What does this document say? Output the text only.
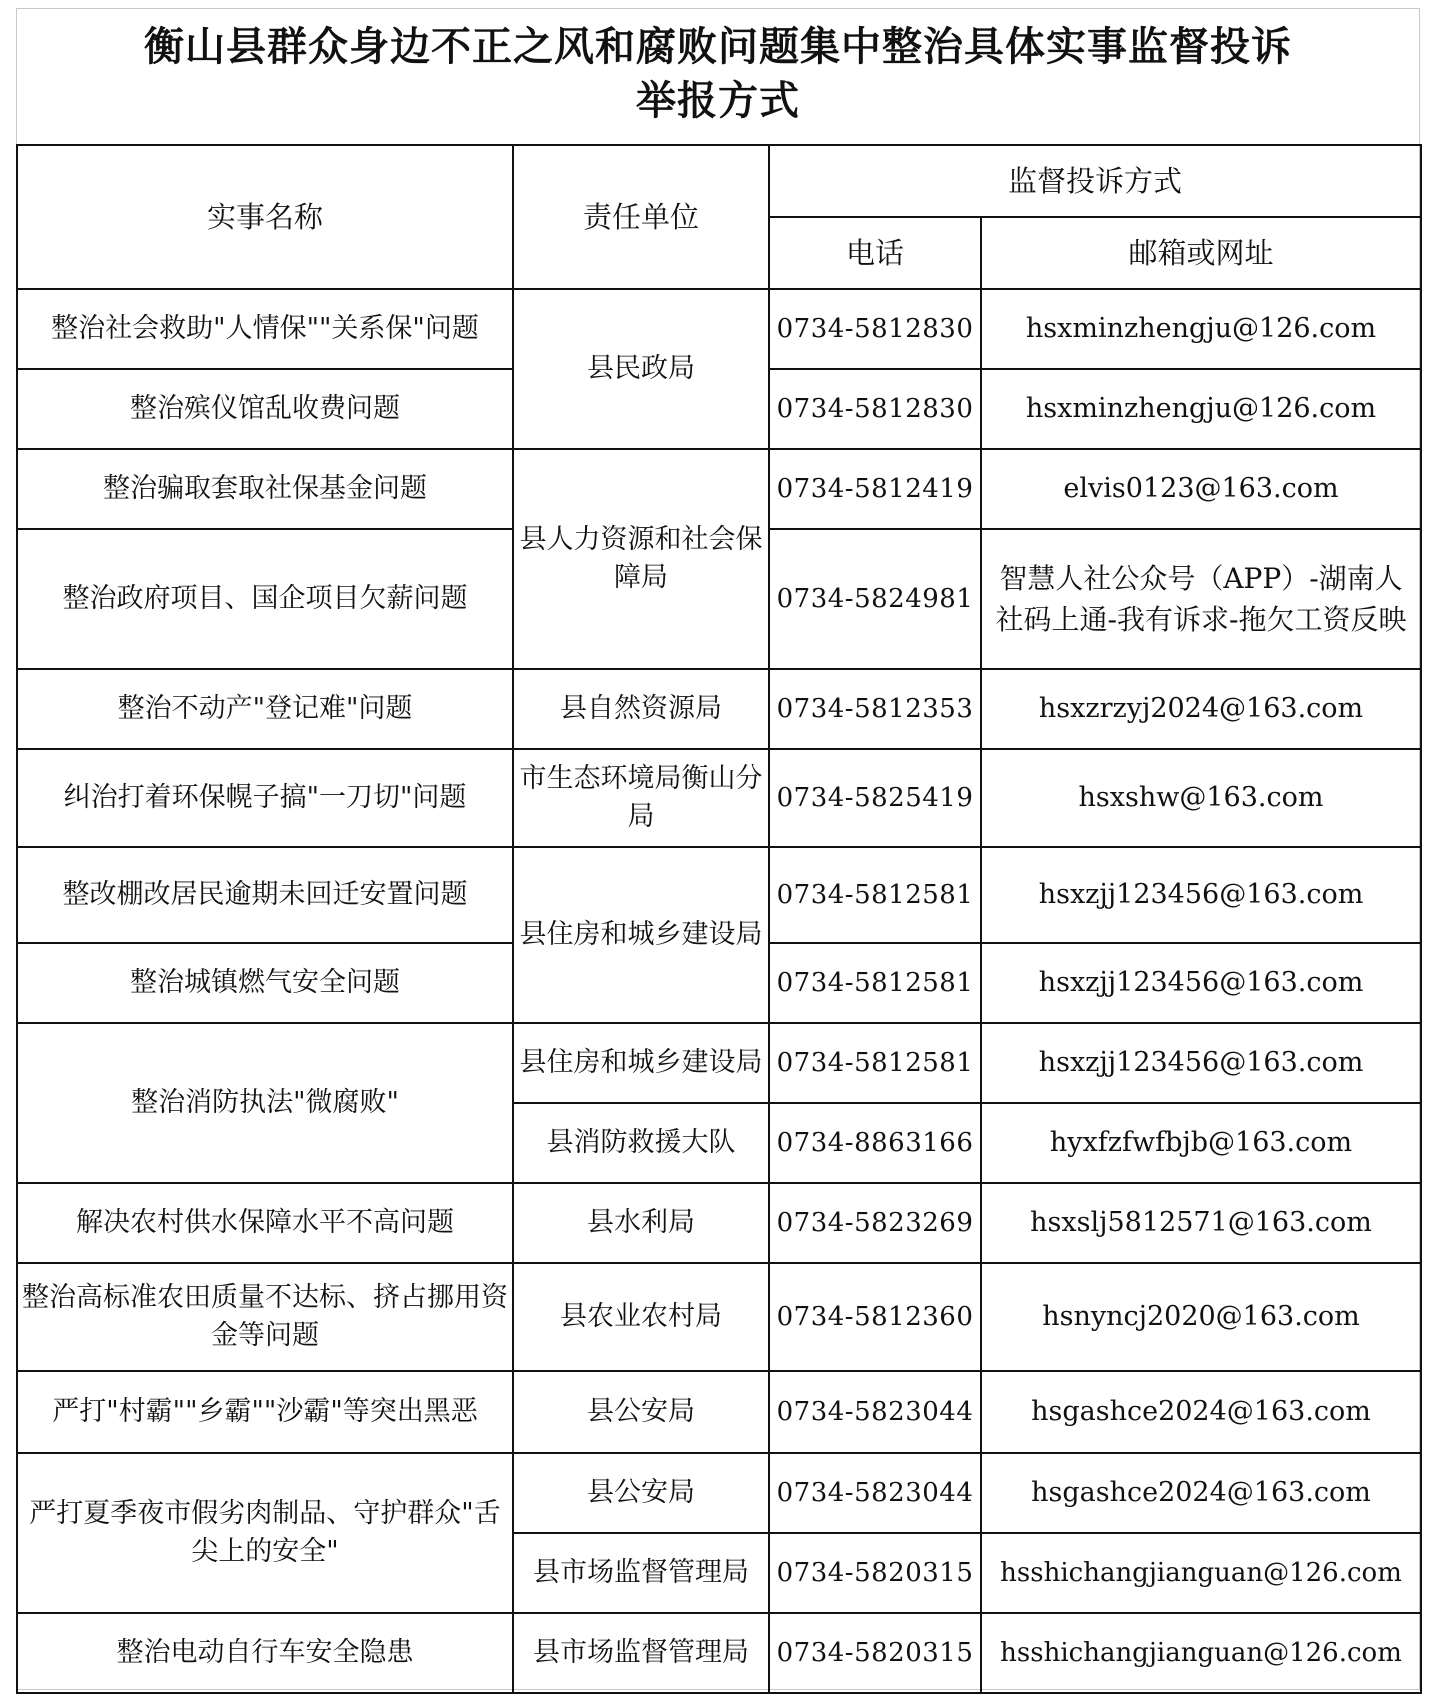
衡山县群众身边不正之风和腐败问题集中整治具体实事监督投诉
举报方式
实事名称	责任单位	监督投诉方式	
		电话	邮箱或网址
整治社会救助"人情保""关系保"问题	县民政局	0734-5812830	hsxminzhengju@126.com
整治殡仪馆乱收费问题		0734-5812830	hsxminzhengju@126.com
整治骗取套取社保基金问题	县人力资源和社会保障局	0734-5812419	elvis0123@163.com
整治政府项目、国企项目欠薪问题		0734-5824981	智慧人社公众号（APP）-湖南人社码上通-我有诉求-拖欠工资反映
整治不动产"登记难"问题	县自然资源局	0734-5812353	hsxzrzyj2024@163.com
纠治打着环保幌子搞"一刀切"问题	市生态环境局衡山分局	0734-5825419	hsxshw@163.com
整改棚改居民逾期未回迁安置问题	县住房和城乡建设局	0734-5812581	hsxzjj123456@163.com
整治城镇燃气安全问题		0734-5812581	hsxzjj123456@163.com
整治消防执法"微腐败"	县住房和城乡建设局	0734-5812581	hsxzjj123456@163.com
	县消防救援大队	0734-8863166	hyxfzfwfbjb@163.com
解决农村供水保障水平不高问题	县水利局	0734-5823269	hsxslj5812571@163.com
整治高标准农田质量不达标、挤占挪用资金等问题	县农业农村局	0734-5812360	hsnyncj2020@163.com
严打"村霸""乡霸""沙霸"等突出黑恶	县公安局	0734-5823044	hsgashce2024@163.com
严打夏季夜市假劣肉制品、守护群众"舌尖上的安全"	县公安局	0734-5823044	hsgashce2024@163.com
	县市场监督管理局	0734-5820315	hsshichangjianguan@126.com
整治电动自行车安全隐患	县市场监督管理局	0734-5820315	hsshichangjianguan@126.com
